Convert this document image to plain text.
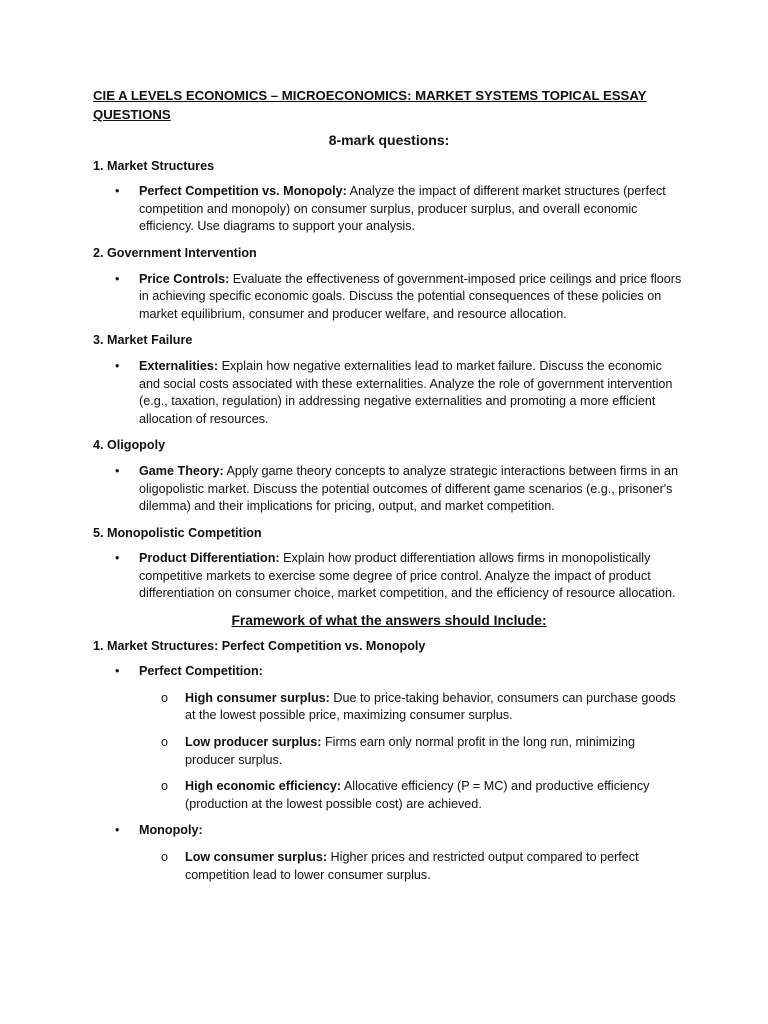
CIE A LEVELS ECONOMICS – MICROECONOMICS: MARKET SYSTEMS TOPICAL ESSAY QUESTIONS
8-mark questions:
1. Market Structures
• Perfect Competition vs. Monopoly: Analyze the impact of different market structures (perfect competition and monopoly) on consumer surplus, producer surplus, and overall economic efficiency. Use diagrams to support your analysis.
2. Government Intervention
• Price Controls: Evaluate the effectiveness of government-imposed price ceilings and price floors in achieving specific economic goals. Discuss the potential consequences of these policies on market equilibrium, consumer and producer welfare, and resource allocation.
3. Market Failure
• Externalities: Explain how negative externalities lead to market failure. Discuss the economic and social costs associated with these externalities. Analyze the role of government intervention (e.g., taxation, regulation) in addressing negative externalities and promoting a more efficient allocation of resources.
4. Oligopoly
• Game Theory: Apply game theory concepts to analyze strategic interactions between firms in an oligopolistic market. Discuss the potential outcomes of different game scenarios (e.g., prisoner's dilemma) and their implications for pricing, output, and market competition.
5. Monopolistic Competition
• Product Differentiation: Explain how product differentiation allows firms in monopolistically competitive markets to exercise some degree of price control. Analyze the impact of product differentiation on consumer choice, market competition, and the efficiency of resource allocation.
Framework of what the answers should Include:
1. Market Structures: Perfect Competition vs. Monopoly
• Perfect Competition:
o High consumer surplus: Due to price-taking behavior, consumers can purchase goods at the lowest possible price, maximizing consumer surplus.
o Low producer surplus: Firms earn only normal profit in the long run, minimizing producer surplus.
o High economic efficiency: Allocative efficiency (P = MC) and productive efficiency (production at the lowest possible cost) are achieved.
• Monopoly:
o Low consumer surplus: Higher prices and restricted output compared to perfect competition lead to lower consumer surplus.
